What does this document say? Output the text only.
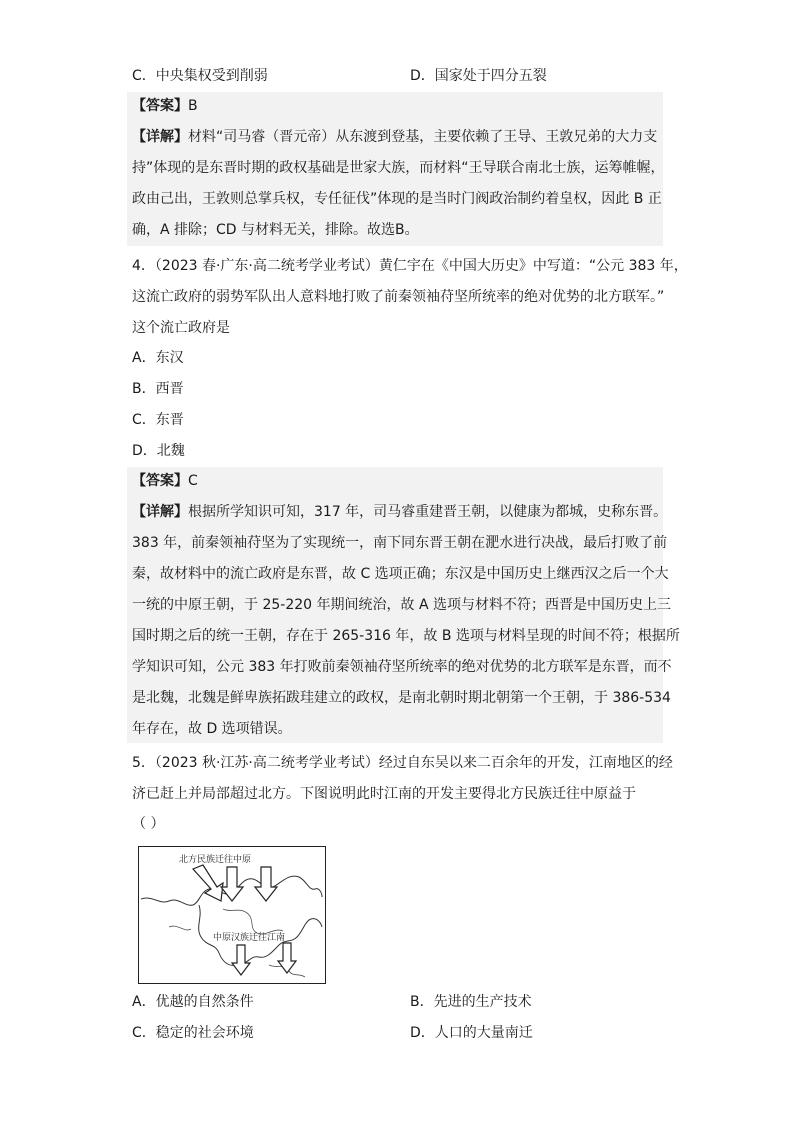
C．中央集权受到削弱	D．国家处于四分五裂
【答案】B
【详解】材料“司马睿（晋元帝）从东渡到登基，主要依赖了王导、王敦兄弟的大力支
持”体现的是东晋时期的政权基础是世家大族，而材料“王导联合南北士族，运筹帷幄，
政由己出，王敦则总掌兵权，专任征伐”体现的是当时门阀政治制约着皇权，因此 B 正
确，A 排除；CD 与材料无关，排除。故选B。
4．（2023 春·广东·高二统考学业考试）黄仁宇在《中国大历史》中写道：“公元 383 年，
这流亡政府的弱势军队出人意料地打败了前秦领袖苻坚所统率的绝对优势的北方联军。”
这个流亡政府是
A．东汉
B．西晋
C．东晋
D．北魏
【答案】C
【详解】根据所学知识可知，317 年，司马睿重建晋王朝，以健康为都城，史称东晋。
383 年，前秦领袖苻坚为了实现统一，南下同东晋王朝在淝水进行决战，最后打败了前
秦，故材料中的流亡政府是东晋，故 C 选项正确；东汉是中国历史上继西汉之后一个大
一统的中原王朝，于 25-220 年期间统治，故 A 选项与材料不符；西晋是中国历史上三
国时期之后的统一王朝，存在于 265-316 年，故 B 选项与材料呈现的时间不符；根据所
学知识可知，公元 383 年打败前秦领袖苻坚所统率的绝对优势的北方联军是东晋，而不
是北魏，北魏是鲜卑族拓跋珪建立的政权，是南北朝时期北朝第一个王朝，于 386-534
年存在，故 D 选项错误。
5．（2023 秋·江苏·高二统考学业考试）经过自东吴以来二百余年的开发，江南地区的经
济已赶上并局部超过北方。下图说明此时江南的开发主要得北方民族迁往中原益于
（ ）
北方民族迁往中原
中原汉族迁往江南
A．优越的自然条件	B．先进的生产技术
C．稳定的社会环境	D．人口的大量南迁
